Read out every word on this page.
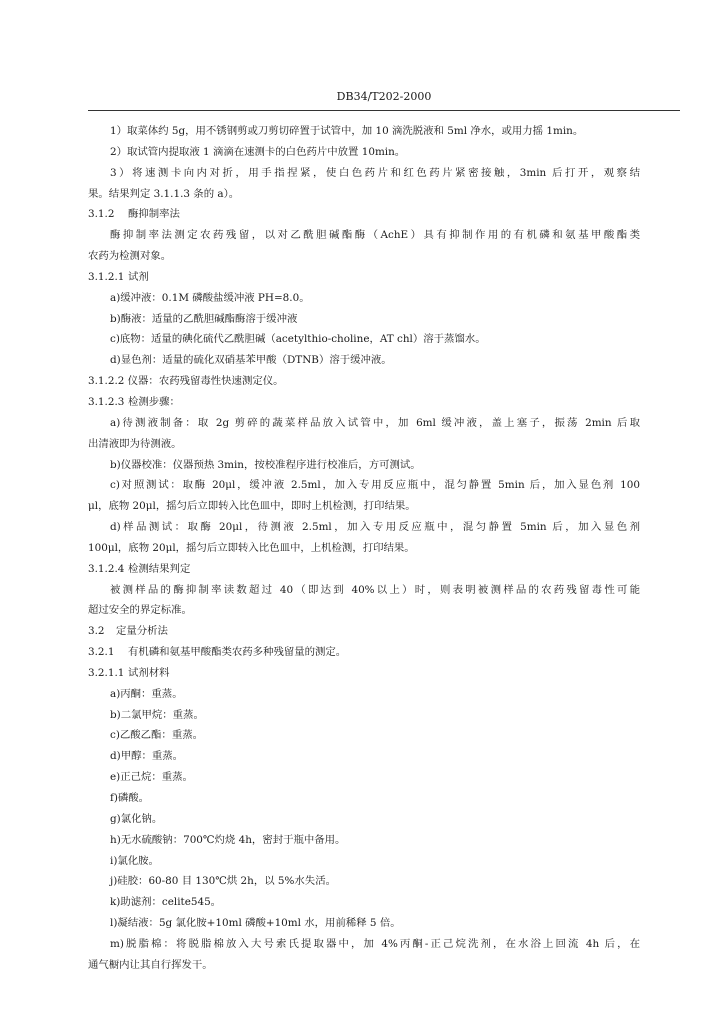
DB34/T202-2000

1）取菜体约 5g，用不锈钢剪或刀剪切碎置于试管中，加 10 滴洗脱液和 5ml 净水，或用力摇 1min。

2）取试管内提取液 1 滴滴在速测卡的白色药片中放置 10min。

3）将速测卡向内对折，用手指捏紧，使白色药片和红色药片紧密接触，3min 后打开，观察结

果。结果判定 3.1.1.3 条的 a）。

3.1.2 酶抑制率法

酶抑制率法测定农药残留，以对乙酰胆碱酯酶（AchE）具有抑制作用的有机磷和氨基甲酸酯类

农药为检测对象。

3.1.2.1 试剂

a)缓冲液：0.1M 磷酸盐缓冲液 PH=8.0。

b)酶液：适量的乙酰胆碱酯酶溶于缓冲液

c)底物：适量的碘化硫代乙酰胆碱（acetylthio-choline，AT chl）溶于蒸馏水。

d)显色剂：适量的硫化双硝基苯甲酸（DTNB）溶于缓冲液。

3.1.2.2 仪器：农药残留毒性快速测定仪。

3.1.2.3 检测步骤：

a)待测液制备：取 2g 剪碎的蔬菜样品放入试管中，加 6ml 缓冲液，盖上塞子，振荡 2min 后取

出清液即为待测液。

b)仪器校准：仪器预热 3min，按校准程序进行校准后，方可测试。

c)对照测试：取酶 20μl，缓冲液 2.5ml，加入专用反应瓶中，混匀静置 5min 后，加入显色剂 100

μl，底物 20μl，摇匀后立即转入比色皿中，即时上机检测，打印结果。

d)样品测试：取酶 20μl，待测液 2.5ml，加入专用反应瓶中，混匀静置 5min 后，加入显色剂

100μl，底物 20μl，摇匀后立即转入比色皿中，上机检测，打印结果。

3.1.2.4 检测结果判定

被测样品的酶抑制率读数超过 40（即达到 40%以上）时，则表明被测样品的农药残留毒性可能

超过安全的界定标准。

3.2 定量分析法

3.2.1 有机磷和氨基甲酸酯类农药多种残留量的测定。

3.2.1.1 试剂材料

a)丙酮：重蒸。

b)二氯甲烷：重蒸。

c)乙酸乙酯：重蒸。

d)甲醇：重蒸。

e)正己烷：重蒸。

f)磷酸。

g)氯化钠。

h)无水硫酸钠：700℃灼烧 4h，密封于瓶中备用。

i)氯化胺。

j)硅胶：60-80 目 130℃烘 2h，以 5%水失活。

k)助滤剂：celite545。

l)凝结液：5g 氯化胺+10ml 磷酸+10ml 水，用前稀释 5 倍。

m)脱脂棉：将脱脂棉放入大号索氏提取器中，加 4%丙酮-正己烷洗剂，在水浴上回流 4h 后，在

通气橱内让其自行挥发干。
